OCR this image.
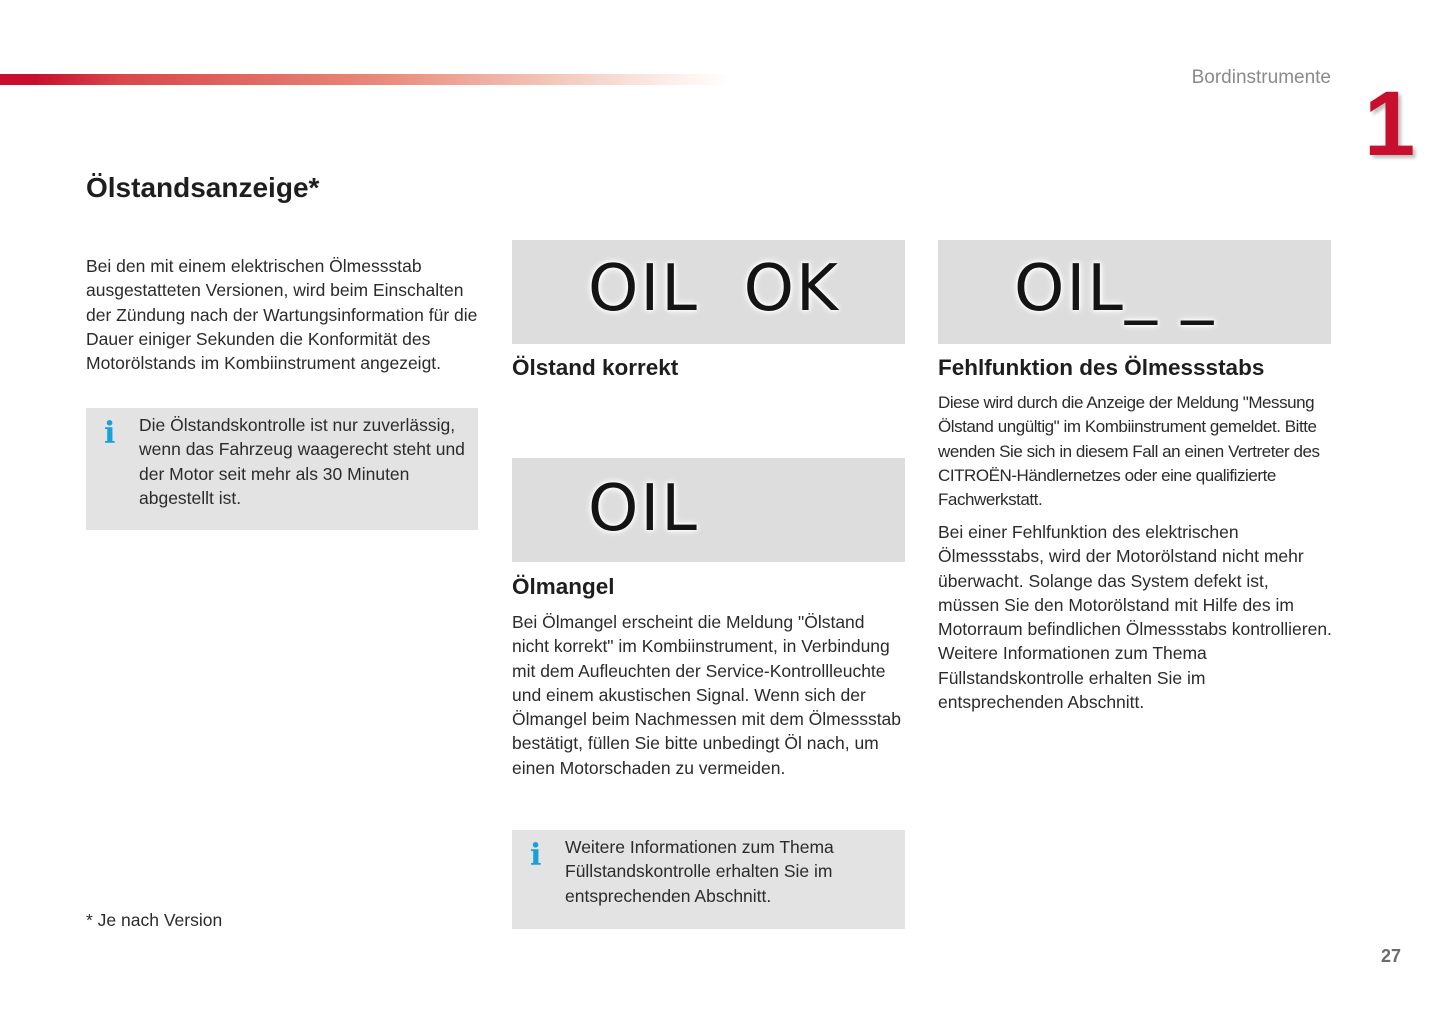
Bordinstrumente 1
Ölstandsanzeige*

Bei den mit einem elektrischen Ölmessstab ausgestatteten Versionen, wird beim Einschalten der Zündung nach der Wartungsinformation für die Dauer einiger Sekunden die Konformität des Motorölstands im Kombiinstrument angezeigt.

i Die Ölstandskontrolle ist nur zuverlässig, wenn das Fahrzeug waagerecht steht und der Motor seit mehr als 30 Minuten abgestellt ist.

OIL  OK
Ölstand korrekt
OIL
Ölmangel

Bei Ölmangel erscheint die Meldung "Ölstand nicht korrekt" im Kombiinstrument, in Verbindung mit dem Aufleuchten der Service-Kontrollleuchte und einem akustischen Signal. Wenn sich der Ölmangel beim Nachmessen mit dem Ölmessstab bestätigt, füllen Sie bitte unbedingt Öl nach, um einen Motorschaden zu vermeiden.

i Weitere Informationen zum Thema Füllstandskontrolle erhalten Sie im entsprechenden Abschnitt.

OIL_ _
Fehlfunktion des Ölmessstabs

Diese wird durch die Anzeige der Meldung "Messung Ölstand ungültig" im Kombiinstrument gemeldet. Bitte wenden Sie sich in diesem Fall an einen Vertreter des CITROËN-Händlernetzes oder eine qualifizierte Fachwerkstatt.

Bei einer Fehlfunktion des elektrischen Ölmessstabs, wird der Motorölstand nicht mehr überwacht. Solange das System defekt ist, müssen Sie den Motorölstand mit Hilfe des im Motorraum befindlichen Ölmessstabs kontrollieren. Weitere Informationen zum Thema Füllstandskontrolle erhalten Sie im entsprechenden Abschnitt.

* Je nach Version
27
